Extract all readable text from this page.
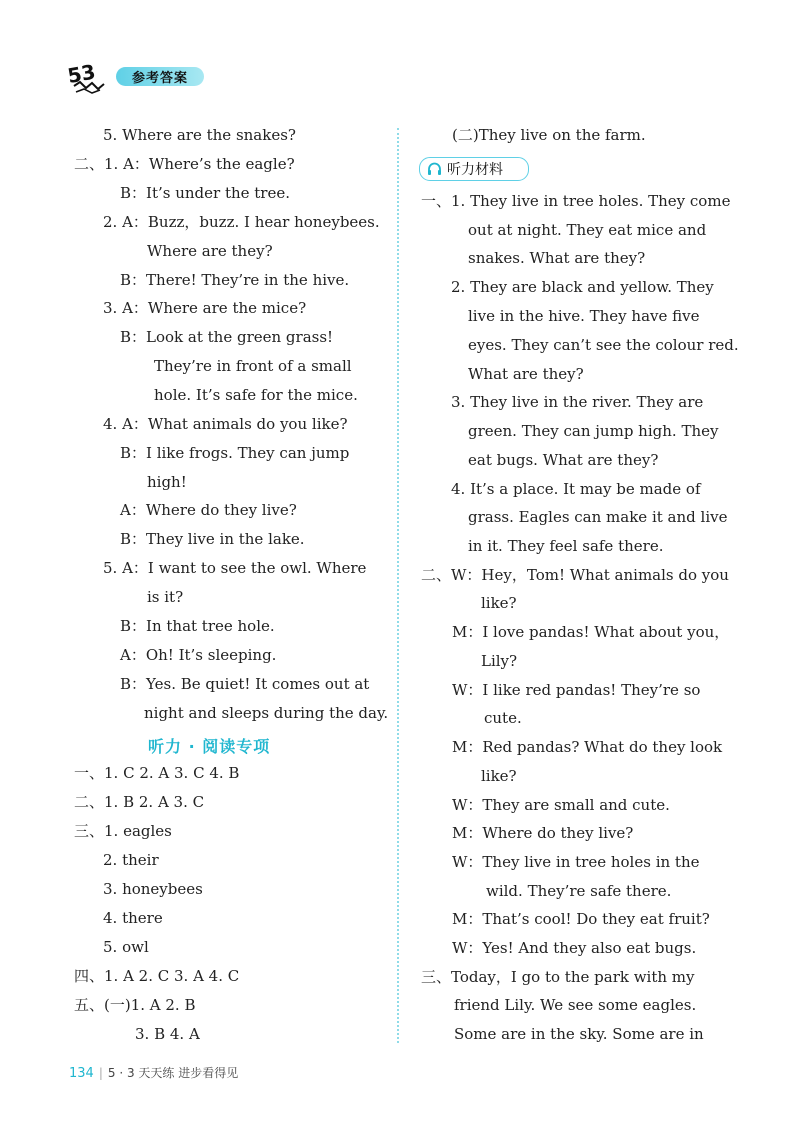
53	参考答案
5. Where are the snakes?
二、1. A：Where’s the eagle?
B：It’s under the tree.
2. A：Buzz，buzz. I hear honeybees.
Where are they?
B：There! They’re in the hive.
3. A：Where are the mice?
B：Look at the green grass!
They’re in front of a small
hole. It’s safe for the mice.
4. A：What animals do you like?
B：I like frogs. They can jump
high!
A：Where do they live?
B：They live in the lake.
5. A：I want to see the owl. Where
is it?
B：In that tree hole.
A：Oh! It’s sleeping.
B：Yes. Be quiet! It comes out at
night and sleeps during the day.
听力 · 阅读专项
一、1. C 2. A 3. C 4. B
二、1. B 2. A 3. C
三、1. eagles
2. their
3. honeybees
4. there
5. owl
四、1. A 2. C 3. A 4. C
五、(一)1. A 2. B
3. B 4. A
(二)They live on the farm.
听力材料
一、1. They live in tree holes. They come
out at night. They eat mice and
snakes. What are they?
2. They are black and yellow. They
live in the hive. They have five
eyes. They can’t see the colour red.
What are they?
3. They live in the river. They are
green. They can jump high. They
eat bugs. What are they?
4. It’s a place. It may be made of
grass. Eagles can make it and live
in it. They feel safe there.
二、W：Hey，Tom! What animals do you
like?
M：I love pandas! What about you，
Lily?
W：I like red pandas! They’re so
cute.
M：Red pandas? What do they look
like?
W：They are small and cute.
M：Where do they live?
W：They live in tree holes in the
wild. They’re safe there.
M：That’s cool! Do they eat fruit?
W：Yes! And they also eat bugs.
三、Today，I go to the park with my
friend Lily. We see some eagles.
Some are in the sky. Some are in
134 | 5 · 3 天天练 进步看得见
